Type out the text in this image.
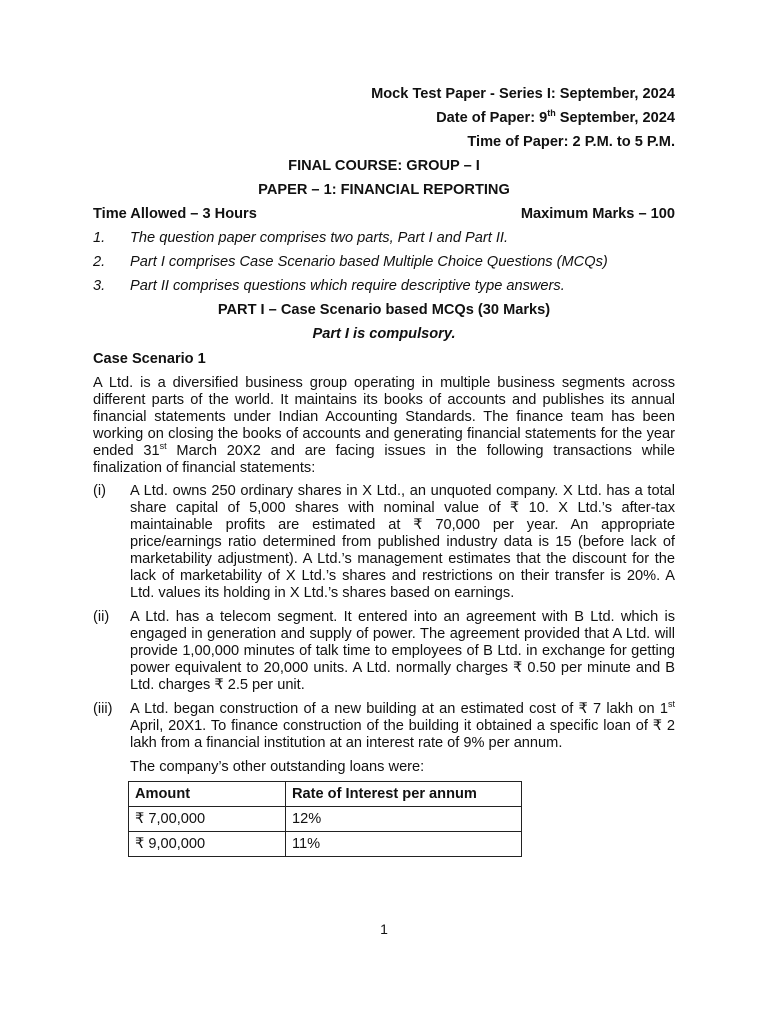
Mock Test Paper - Series I: September, 2024
Date of Paper: 9th September, 2024
Time of Paper: 2 P.M. to 5 P.M.
FINAL COURSE: GROUP – I
PAPER – 1: FINANCIAL REPORTING
Time Allowed – 3 Hours	Maximum Marks – 100
1.	The question paper comprises two parts, Part I and Part II.
2.	Part I comprises Case Scenario based Multiple Choice Questions (MCQs)
3.	Part II comprises questions which require descriptive type answers.
PART I – Case Scenario based MCQs (30 Marks)
Part I is compulsory.
Case Scenario 1
A Ltd. is a diversified business group operating in multiple business segments across different parts of the world. It maintains its books of accounts and publishes its annual financial statements under Indian Accounting Standards. The finance team has been working on closing the books of accounts and generating financial statements for the year ended 31st March 20X2 and are facing issues in the following transactions while finalization of financial statements:
(i)	A Ltd. owns 250 ordinary shares in X Ltd., an unquoted company. X Ltd. has a total share capital of 5,000 shares with nominal value of ₹ 10. X Ltd.’s after-tax maintainable profits are estimated at ₹ 70,000 per year. An appropriate price/earnings ratio determined from published industry data is 15 (before lack of marketability adjustment). A Ltd.’s management estimates that the discount for the lack of marketability of X Ltd.’s shares and restrictions on their transfer is 20%. A Ltd. values its holding in X Ltd.’s shares based on earnings.
(ii)	A Ltd. has a telecom segment. It entered into an agreement with B Ltd. which is engaged in generation and supply of power. The agreement provided that A Ltd. will provide 1,00,000 minutes of talk time to employees of B Ltd. in exchange for getting power equivalent to 20,000 units. A Ltd. normally charges ₹ 0.50 per minute and B Ltd. charges ₹ 2.5 per unit.
(iii)	A Ltd. began construction of a new building at an estimated cost of ₹ 7 lakh on 1st April, 20X1. To finance construction of the building it obtained a specific loan of ₹ 2 lakh from a financial institution at an interest rate of 9% per annum.
The company’s other outstanding loans were:
Amount	Rate of Interest per annum
₹ 7,00,000	12%
₹ 9,00,000	11%
1
